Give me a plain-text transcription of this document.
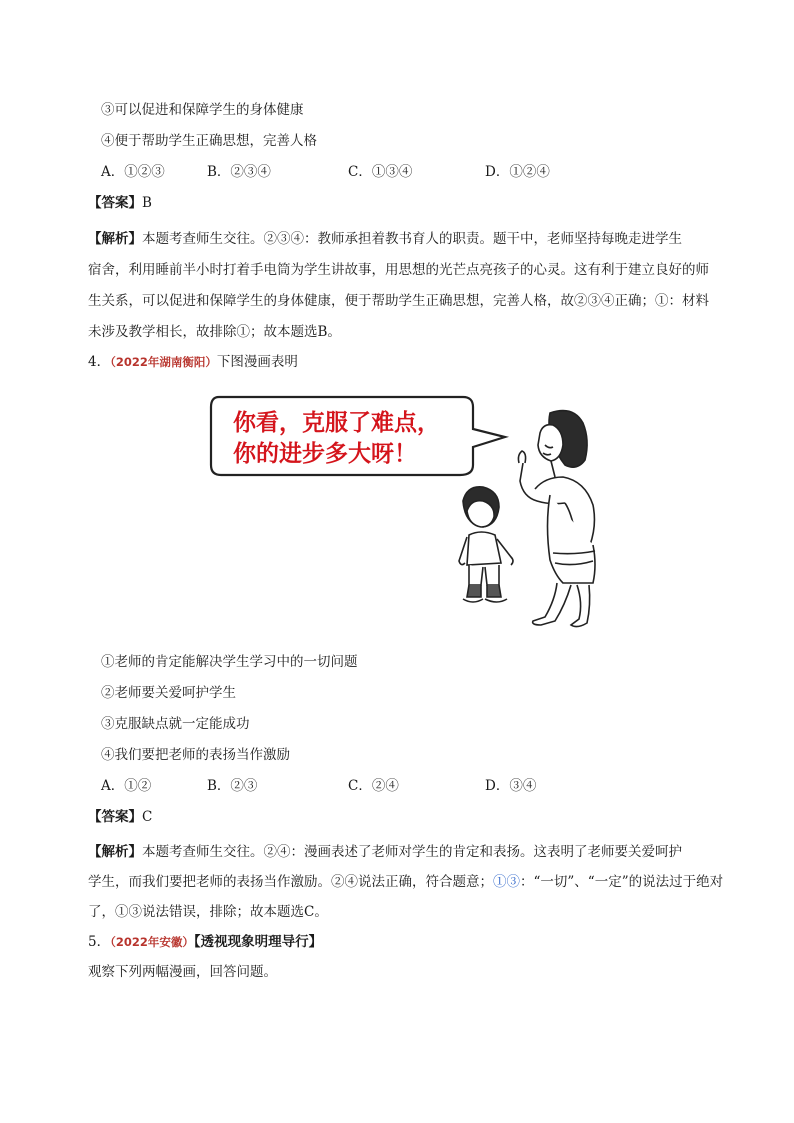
③可以促进和保障学生的身体健康
④便于帮助学生正确思想，完善人格
A．①②③	B．②③④	C．①③④	D．①②④
【答案】B
【解析】本题考查师生交往。②③④：教师承担着教书育人的职责。题干中，老师坚持每晚走进学生
宿舍，利用睡前半小时打着手电筒为学生讲故事，用思想的光芒点亮孩子的心灵。这有利于建立良好的师
生关系，可以促进和保障学生的身体健康，便于帮助学生正确思想，完善人格，故②③④正确；①：材料
未涉及教学相长，故排除①；故本题选B。
4．（2022年湖南衡阳）下图漫画表明
你看，克服了难点，
你的进步多大呀！
①老师的肯定能解决学生学习中的一切问题
②老师要关爱呵护学生
③克服缺点就一定能成功
④我们要把老师的表扬当作激励
A．①②	B．②③	C．②④	D．③④
【答案】C
【解析】本题考查师生交往。②④：漫画表述了老师对学生的肯定和表扬。这表明了老师要关爱呵护
学生，而我们要把老师的表扬当作激励。②④说法正确，符合题意；①③：“一切”、“一定”的说法过于绝对
了，①③说法错误，排除；故本题选C。
5．（2022年安徽）【透视现象明理导行】
观察下列两幅漫画，回答问题。
